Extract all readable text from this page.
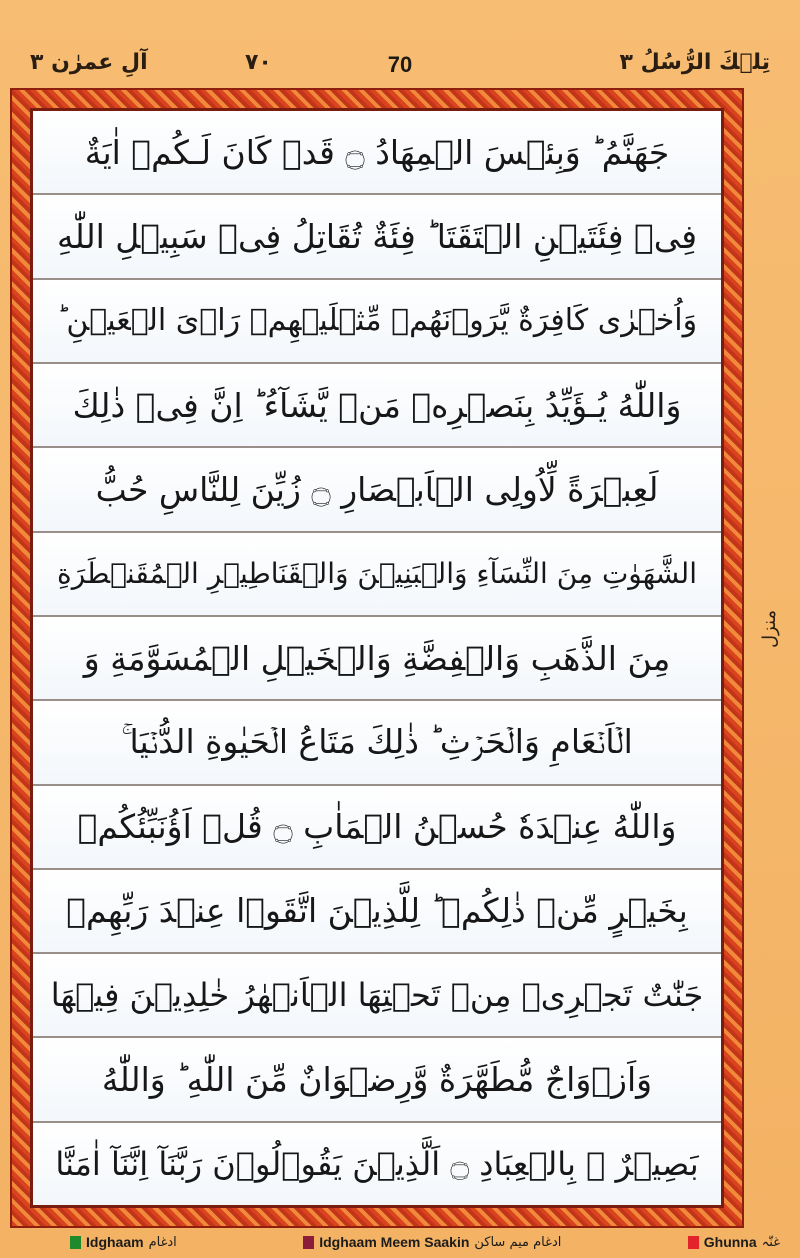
آلِ عمرٰن ۳	۷۰	70	تِلۡكَ الرُّسُلُ ۳
جَهَنَّمُ ؕ وَبِئۡسَ الۡمِهَادُ ۝ قَدۡ كَانَ لَـكُمۡ اٰيَةٌ
فِىۡ فِئَتَيۡنِ الۡتَقَتَا ؕ فِئَةٌ تُقَاتِلُ فِىۡ سَبِيۡلِ اللّٰهِ
وَاُخۡرٰى كَافِرَةٌ يَّرَوۡنَهُمۡ مِّثۡلَيۡهِمۡ رَاۡىَ الۡعَيۡنِ ؕ
وَاللّٰهُ يُـؤَيِّدُ بِنَصۡرِهٖ مَنۡ يَّشَآءُ ؕ اِنَّ فِىۡ ذٰلِكَ
لَعِبۡرَةً لِّاُولِى الۡاَبۡصَارِ ۝ زُيِّنَ لِلنَّاسِ حُبُّ
الشَّهَوٰتِ مِنَ النِّسَآءِ وَالۡبَنِيۡنَ وَالۡقَنَاطِيۡرِ الۡمُقَنۡطَرَةِ
مِنَ الذَّهَبِ وَالۡفِضَّةِ وَالۡخَيۡلِ الۡمُسَوَّمَةِ وَ
الۡاَنۡعَامِ وَالۡحَرۡثِ ؕ ذٰلِكَ مَتَاعُ الۡحَيٰوةِ الدُّنۡيَا ۚ
وَاللّٰهُ عِنۡدَهٗ حُسۡنُ الۡمَاٰبِ ۝ قُلۡ اَؤُنَبِّئُكُمۡ
بِخَيۡرٍ مِّنۡ ذٰلِكُمۡ ؕ لِلَّذِيۡنَ اتَّقَوۡا عِنۡدَ رَبِّهِمۡ
جَنّٰتٌ تَجۡرِىۡ مِنۡ تَحۡتِهَا الۡاَنۡهٰرُ خٰلِدِيۡنَ فِيۡهَا
وَاَزۡوَاجٌ مُّطَهَّرَةٌ وَّرِضۡوَانٌ مِّنَ اللّٰهِ ؕ وَاللّٰهُ
بَصِيۡرٌ ۢ بِالۡعِبَادِ ۝ اَلَّذِيۡنَ يَقُوۡلُوۡنَ رَبَّنَآ اِنَّنَآ اٰمَنَّا
منزل
Idghaam ادغام	Idghaam Meem Saakin ادغام میم ساکن	Ghunna غنّہ
